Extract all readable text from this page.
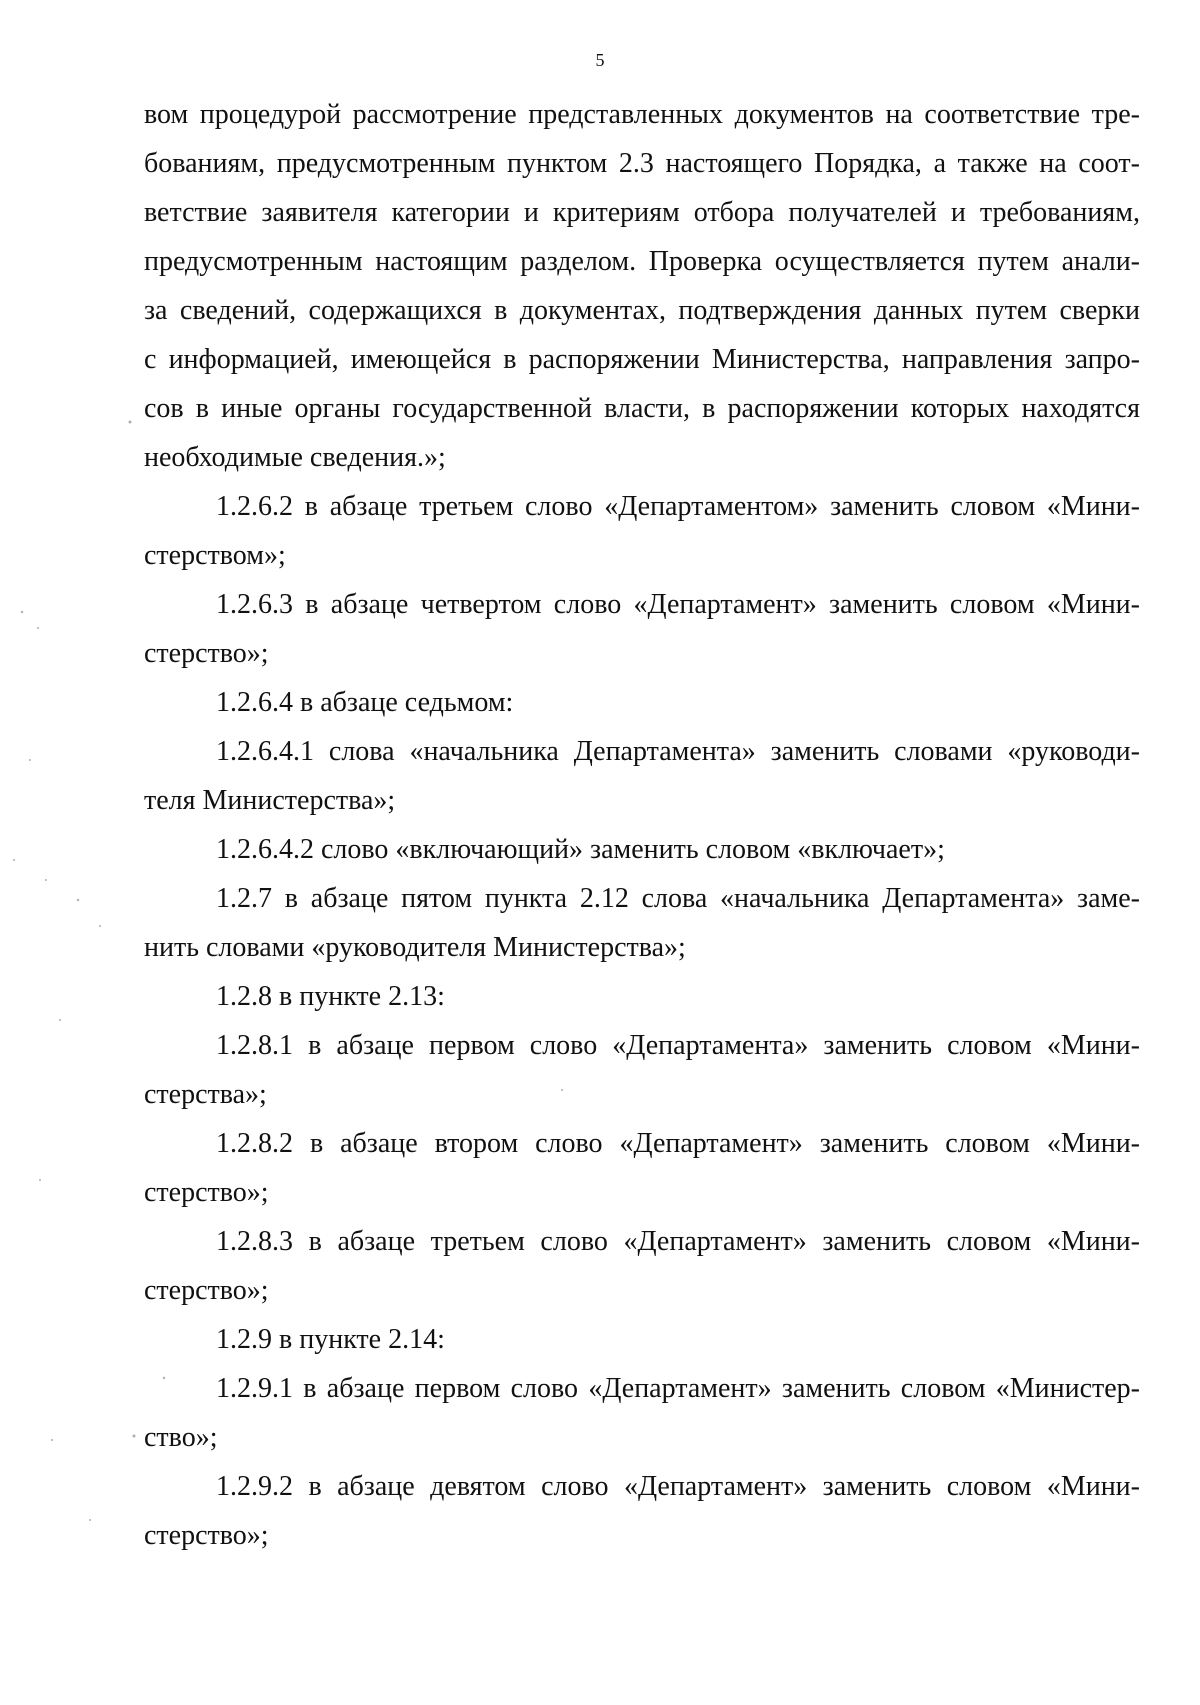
5
вом процедурой рассмотрение представленных документов на соответствие тре-
бованиям, предусмотренным пунктом 2.3 настоящего Порядка, а также на соот-
ветствие заявителя категории и критериям отбора получателей и требованиям,
предусмотренным настоящим разделом. Проверка осуществляется путем анали-
за сведений, содержащихся в документах, подтверждения данных путем сверки
с информацией, имеющейся в распоряжении Министерства, направления запро-
сов в иные органы государственной власти, в распоряжении которых находятся
необходимые сведения.»;
1.2.6.2 в абзаце третьем слово «Департаментом» заменить словом «Мини-
стерством»;
1.2.6.3 в абзаце четвертом слово «Департамент» заменить словом «Мини-
стерство»;
1.2.6.4 в абзаце седьмом:
1.2.6.4.1 слова «начальника Департамента» заменить словами «руководи-
теля Министерства»;
1.2.6.4.2 слово «включающий» заменить словом «включает»;
1.2.7 в абзаце пятом пункта 2.12 слова «начальника Департамента» заме-
нить словами «руководителя Министерства»;
1.2.8 в пункте 2.13:
1.2.8.1 в абзаце первом слово «Департамента» заменить словом «Мини-
стерства»;
1.2.8.2 в абзаце втором слово «Департамент» заменить словом «Мини-
стерство»;
1.2.8.3 в абзаце третьем слово «Департамент» заменить словом «Мини-
стерство»;
1.2.9 в пункте 2.14:
1.2.9.1 в абзаце первом слово «Департамент» заменить словом «Министер-
ство»;
1.2.9.2 в абзаце девятом слово «Департамент» заменить словом «Мини-
стерство»;
